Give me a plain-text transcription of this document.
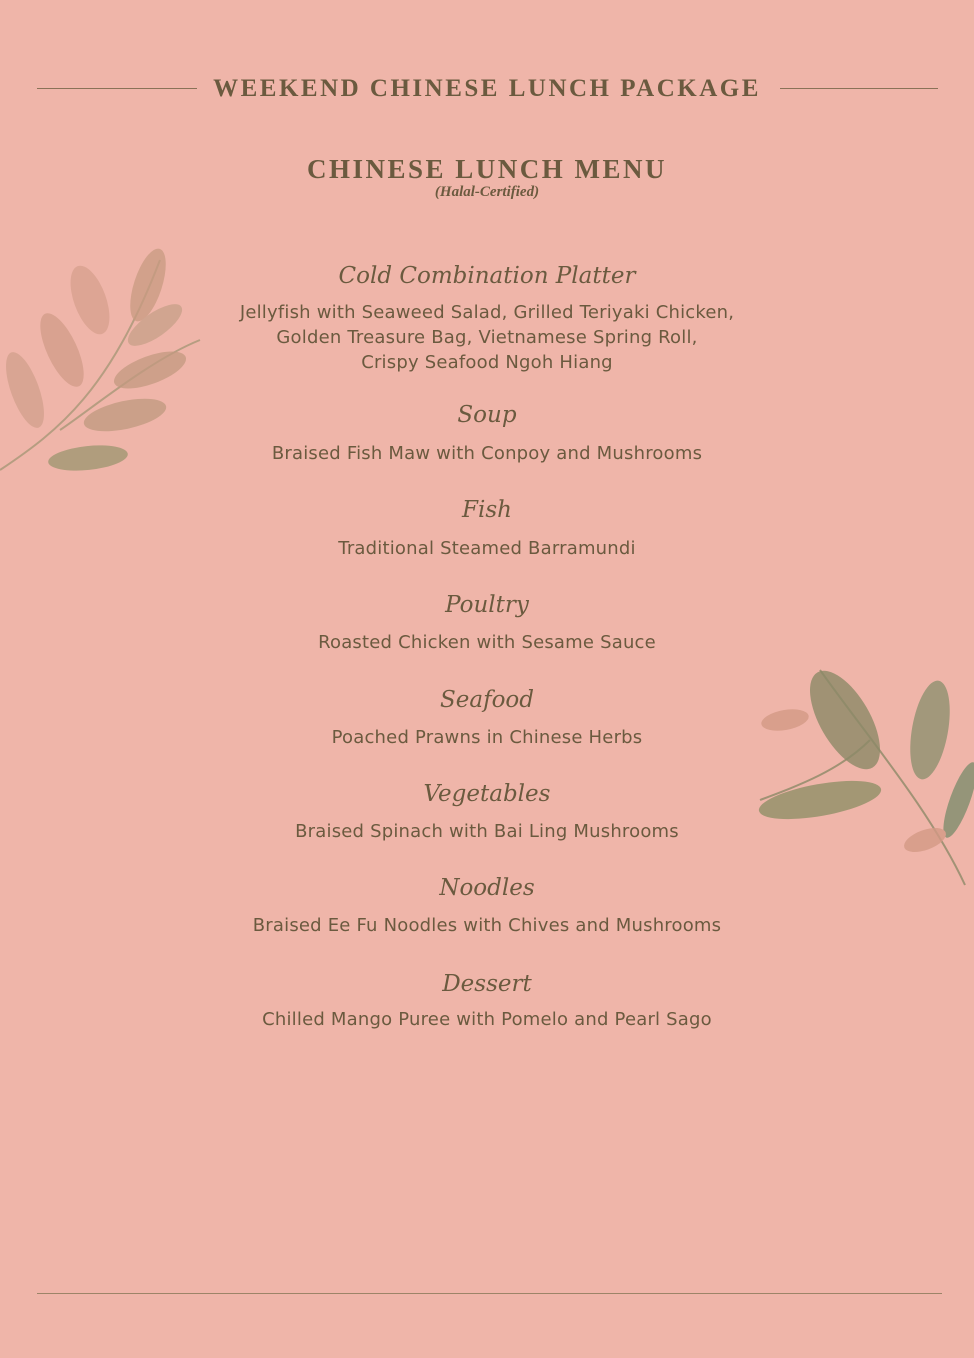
WEEKEND CHINESE LUNCH PACKAGE
CHINESE LUNCH MENU
(Halal-Certified)
Cold Combination Platter
Jellyfish with Seaweed Salad, Grilled Teriyaki Chicken,
Golden Treasure Bag, Vietnamese Spring Roll,
Crispy Seafood Ngoh Hiang
Soup
Braised Fish Maw with Conpoy and Mushrooms
Fish
Traditional Steamed Barramundi
Poultry
Roasted Chicken with Sesame Sauce
Seafood
Poached Prawns in Chinese Herbs
Vegetables
Braised Spinach with Bai Ling Mushrooms
Noodles
Braised Ee Fu Noodles with Chives and Mushrooms
Dessert
Chilled Mango Puree with Pomelo and Pearl Sago
